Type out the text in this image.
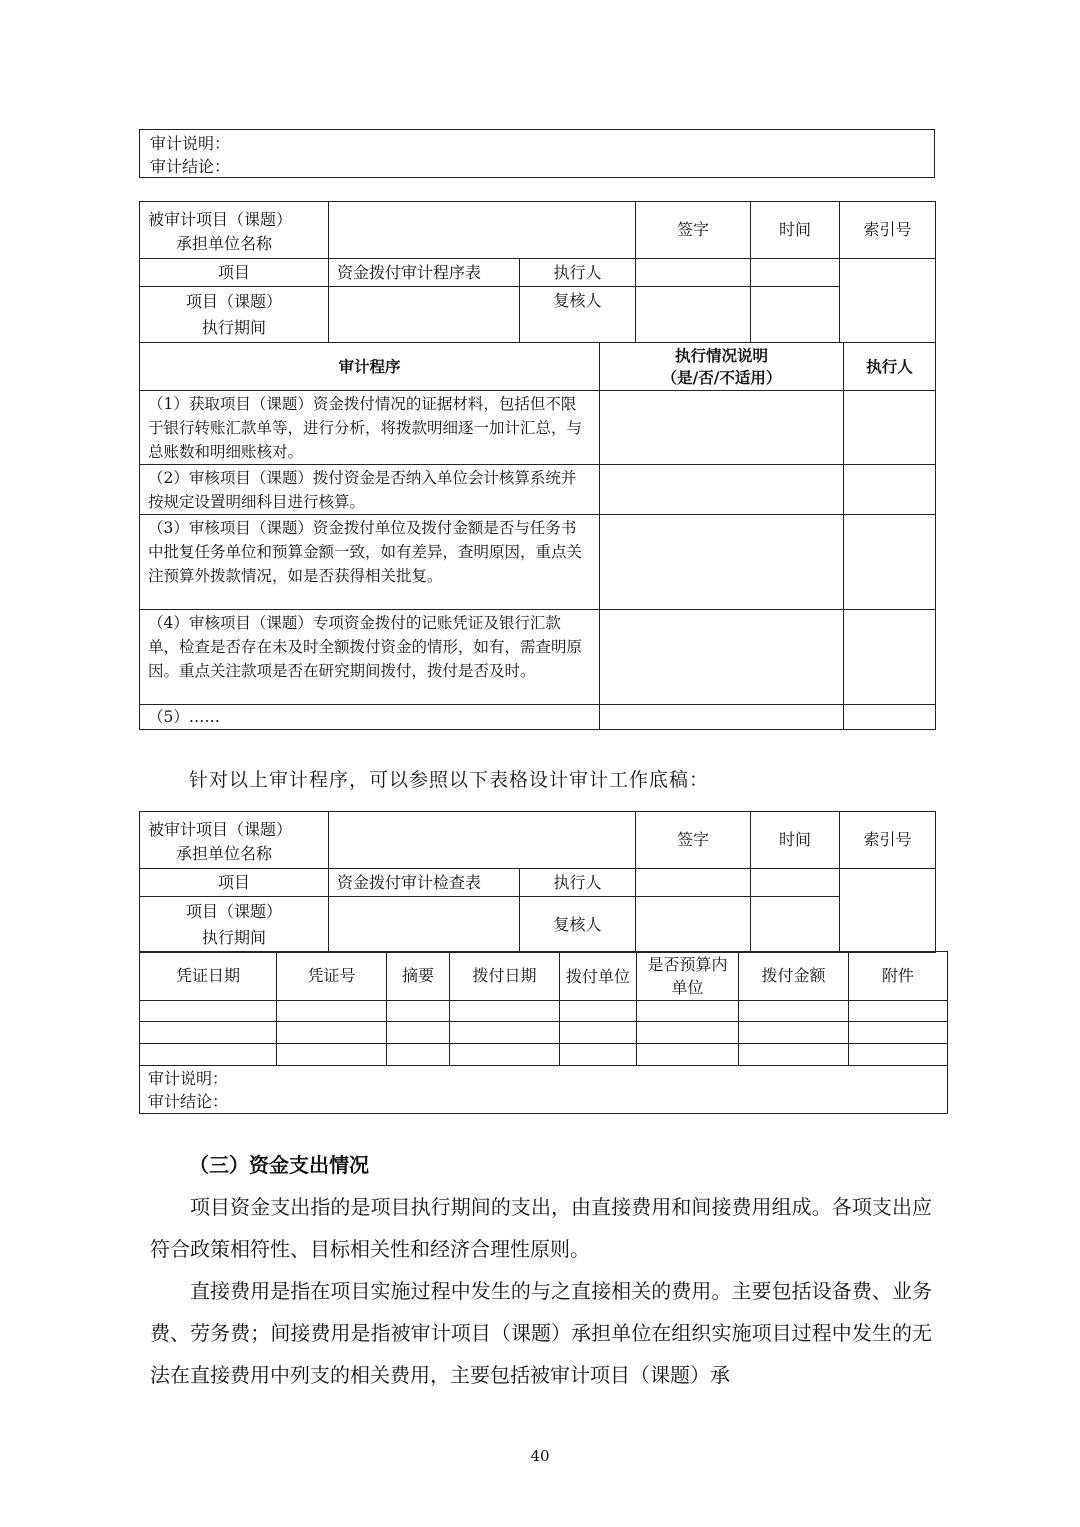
审计说明：
审计结论：
被审计项目（课题）
承担单位名称			签字	时间	索引号
项目	资金拨付审计程序表	执行人			

项目（课题）
执行期间		复核人			
审计程序	执行情况说明
（是/否/不适用）	执行人
（1）获取项目（课题）资金拨付情况的证据材料，包括但不限于银行转账汇款单等，进行分析，将拨款明细逐一加计汇总，与总账数和明细账核对。		
（2）审核项目（课题）拨付资金是否纳入单位会计核算系统并按规定设置明细科目进行核算。		
（3）审核项目（课题）资金拨付单位及拨付金额是否与任务书中批复任务单位和预算金额一致，如有差异，查明原因，重点关注预算外拨款情况，如是否获得相关批复。		
（4）审核项目（课题）专项资金拨付的记账凭证及银行汇款单，检查是否存在未及时全额拨付资金的情形，如有，需查明原因。重点关注款项是否在研究期间拨付，拨付是否及时。		
（5）……		
针对以上审计程序，可以参照以下表格设计审计工作底稿：
被审计项目（课题）
承担单位名称			签字	时间	索引号
项目	资金拨付审计检查表	执行人			

项目（课题）
执行期间		复核人			
凭证日期	凭证号	摘要	拨付日期	拨付单位	是否预算内单位	拨付金额	附件

审计说明：
审计结论：							
（三）资金支出情况

项目资金支出指的是项目执行期间的支出，由直接费用和间接费用组成。各项支出应符合政策相符性、目标相关性和经济合理性原则。

直接费用是指在项目实施过程中发生的与之直接相关的费用。主要包括设备费、业务费、劳务费；间接费用是指被审计项目（课题）承担单位在组织实施项目过程中发生的无法在直接费用中列支的相关费用，主要包括被审计项目（课题）承

40
